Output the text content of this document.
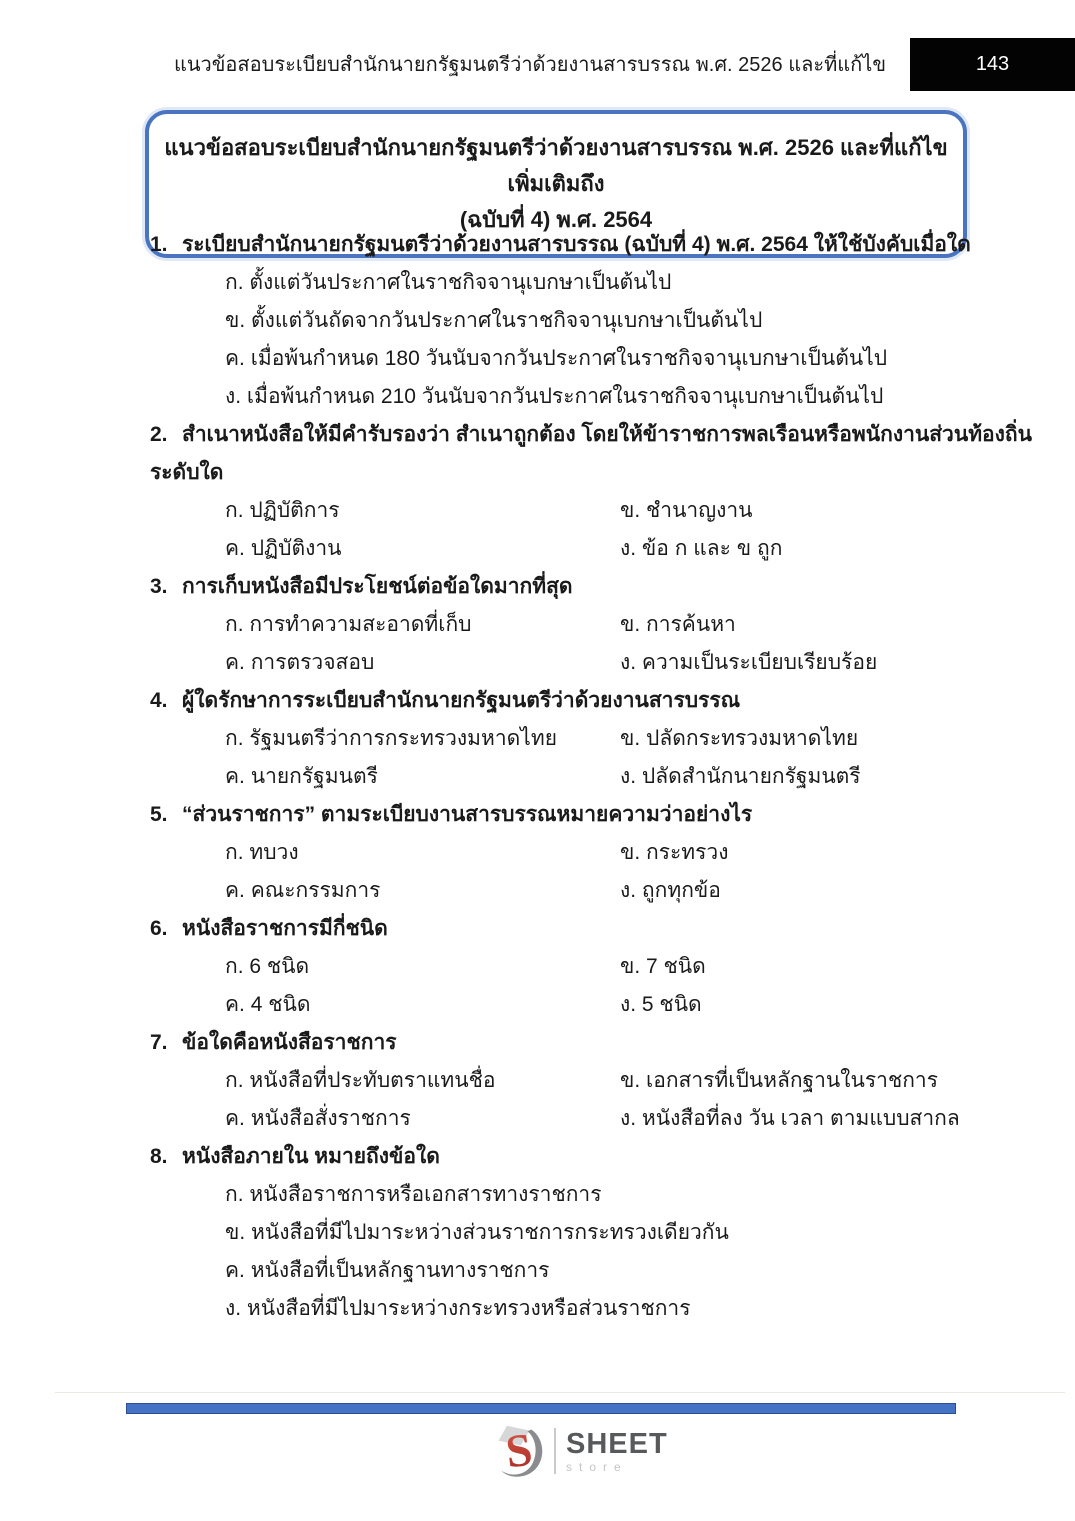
แนวข้อสอบระเบียบสำนักนายกรัฐมนตรีว่าด้วยงานสารบรรณ พ.ศ. 2526 และที่แก้ไข	143
แนวข้อสอบระเบียบสำนักนายกรัฐมนตรีว่าด้วยงานสารบรรณ พ.ศ. 2526 และที่แก้ไขเพิ่มเติมถึง
(ฉบับที่ 4) พ.ศ. 2564
1. ระเบียบสำนักนายกรัฐมนตรีว่าด้วยงานสารบรรณ (ฉบับที่ 4) พ.ศ. 2564 ให้ใช้บังคับเมื่อใด
ก. ตั้งแต่วันประกาศในราชกิจจานุเบกษาเป็นต้นไป
ข. ตั้งแต่วันถัดจากวันประกาศในราชกิจจานุเบกษาเป็นต้นไป
ค. เมื่อพ้นกำหนด 180 วันนับจากวันประกาศในราชกิจจานุเบกษาเป็นต้นไป
ง. เมื่อพ้นกำหนด 210 วันนับจากวันประกาศในราชกิจจานุเบกษาเป็นต้นไป
2. สำเนาหนังสือให้มีคำรับรองว่า สำเนาถูกต้อง โดยให้ข้าราชการพลเรือนหรือพนักงานส่วนท้องถิ่น
ระดับใด
ก. ปฏิบัติการ	ข. ชำนาญงาน
ค. ปฏิบัติงาน	ง. ข้อ ก และ ข ถูก
3. การเก็บหนังสือมีประโยชน์ต่อข้อใดมากที่สุด
ก. การทำความสะอาดที่เก็บ	ข. การค้นหา
ค. การตรวจสอบ	ง. ความเป็นระเบียบเรียบร้อย
4. ผู้ใดรักษาการระเบียบสำนักนายกรัฐมนตรีว่าด้วยงานสารบรรณ
ก. รัฐมนตรีว่าการกระทรวงมหาดไทย	ข. ปลัดกระทรวงมหาดไทย
ค. นายกรัฐมนตรี	ง. ปลัดสำนักนายกรัฐมนตรี
5. “ส่วนราชการ” ตามระเบียบงานสารบรรณหมายความว่าอย่างไร
ก. ทบวง	ข. กระทรวง
ค. คณะกรรมการ	ง. ถูกทุกข้อ
6. หนังสือราชการมีกี่ชนิด
ก. 6 ชนิด	ข. 7 ชนิด
ค. 4 ชนิด	ง. 5 ชนิด
7. ข้อใดคือหนังสือราชการ
ก. หนังสือที่ประทับตราแทนชื่อ	ข. เอกสารที่เป็นหลักฐานในราชการ
ค. หนังสือสั่งราชการ	ง. หนังสือที่ลง วัน เวลา ตามแบบสากล
8. หนังสือภายใน หมายถึงข้อใด
ก. หนังสือราชการหรือเอกสารทางราชการ
ข. หนังสือที่มีไปมาระหว่างส่วนราชการกระทรวงเดียวกัน
ค. หนังสือที่เป็นหลักฐานทางราชการ
ง. หนังสือที่มีไปมาระหว่างกระทรวงหรือส่วนราชการ
S SHEET
store
